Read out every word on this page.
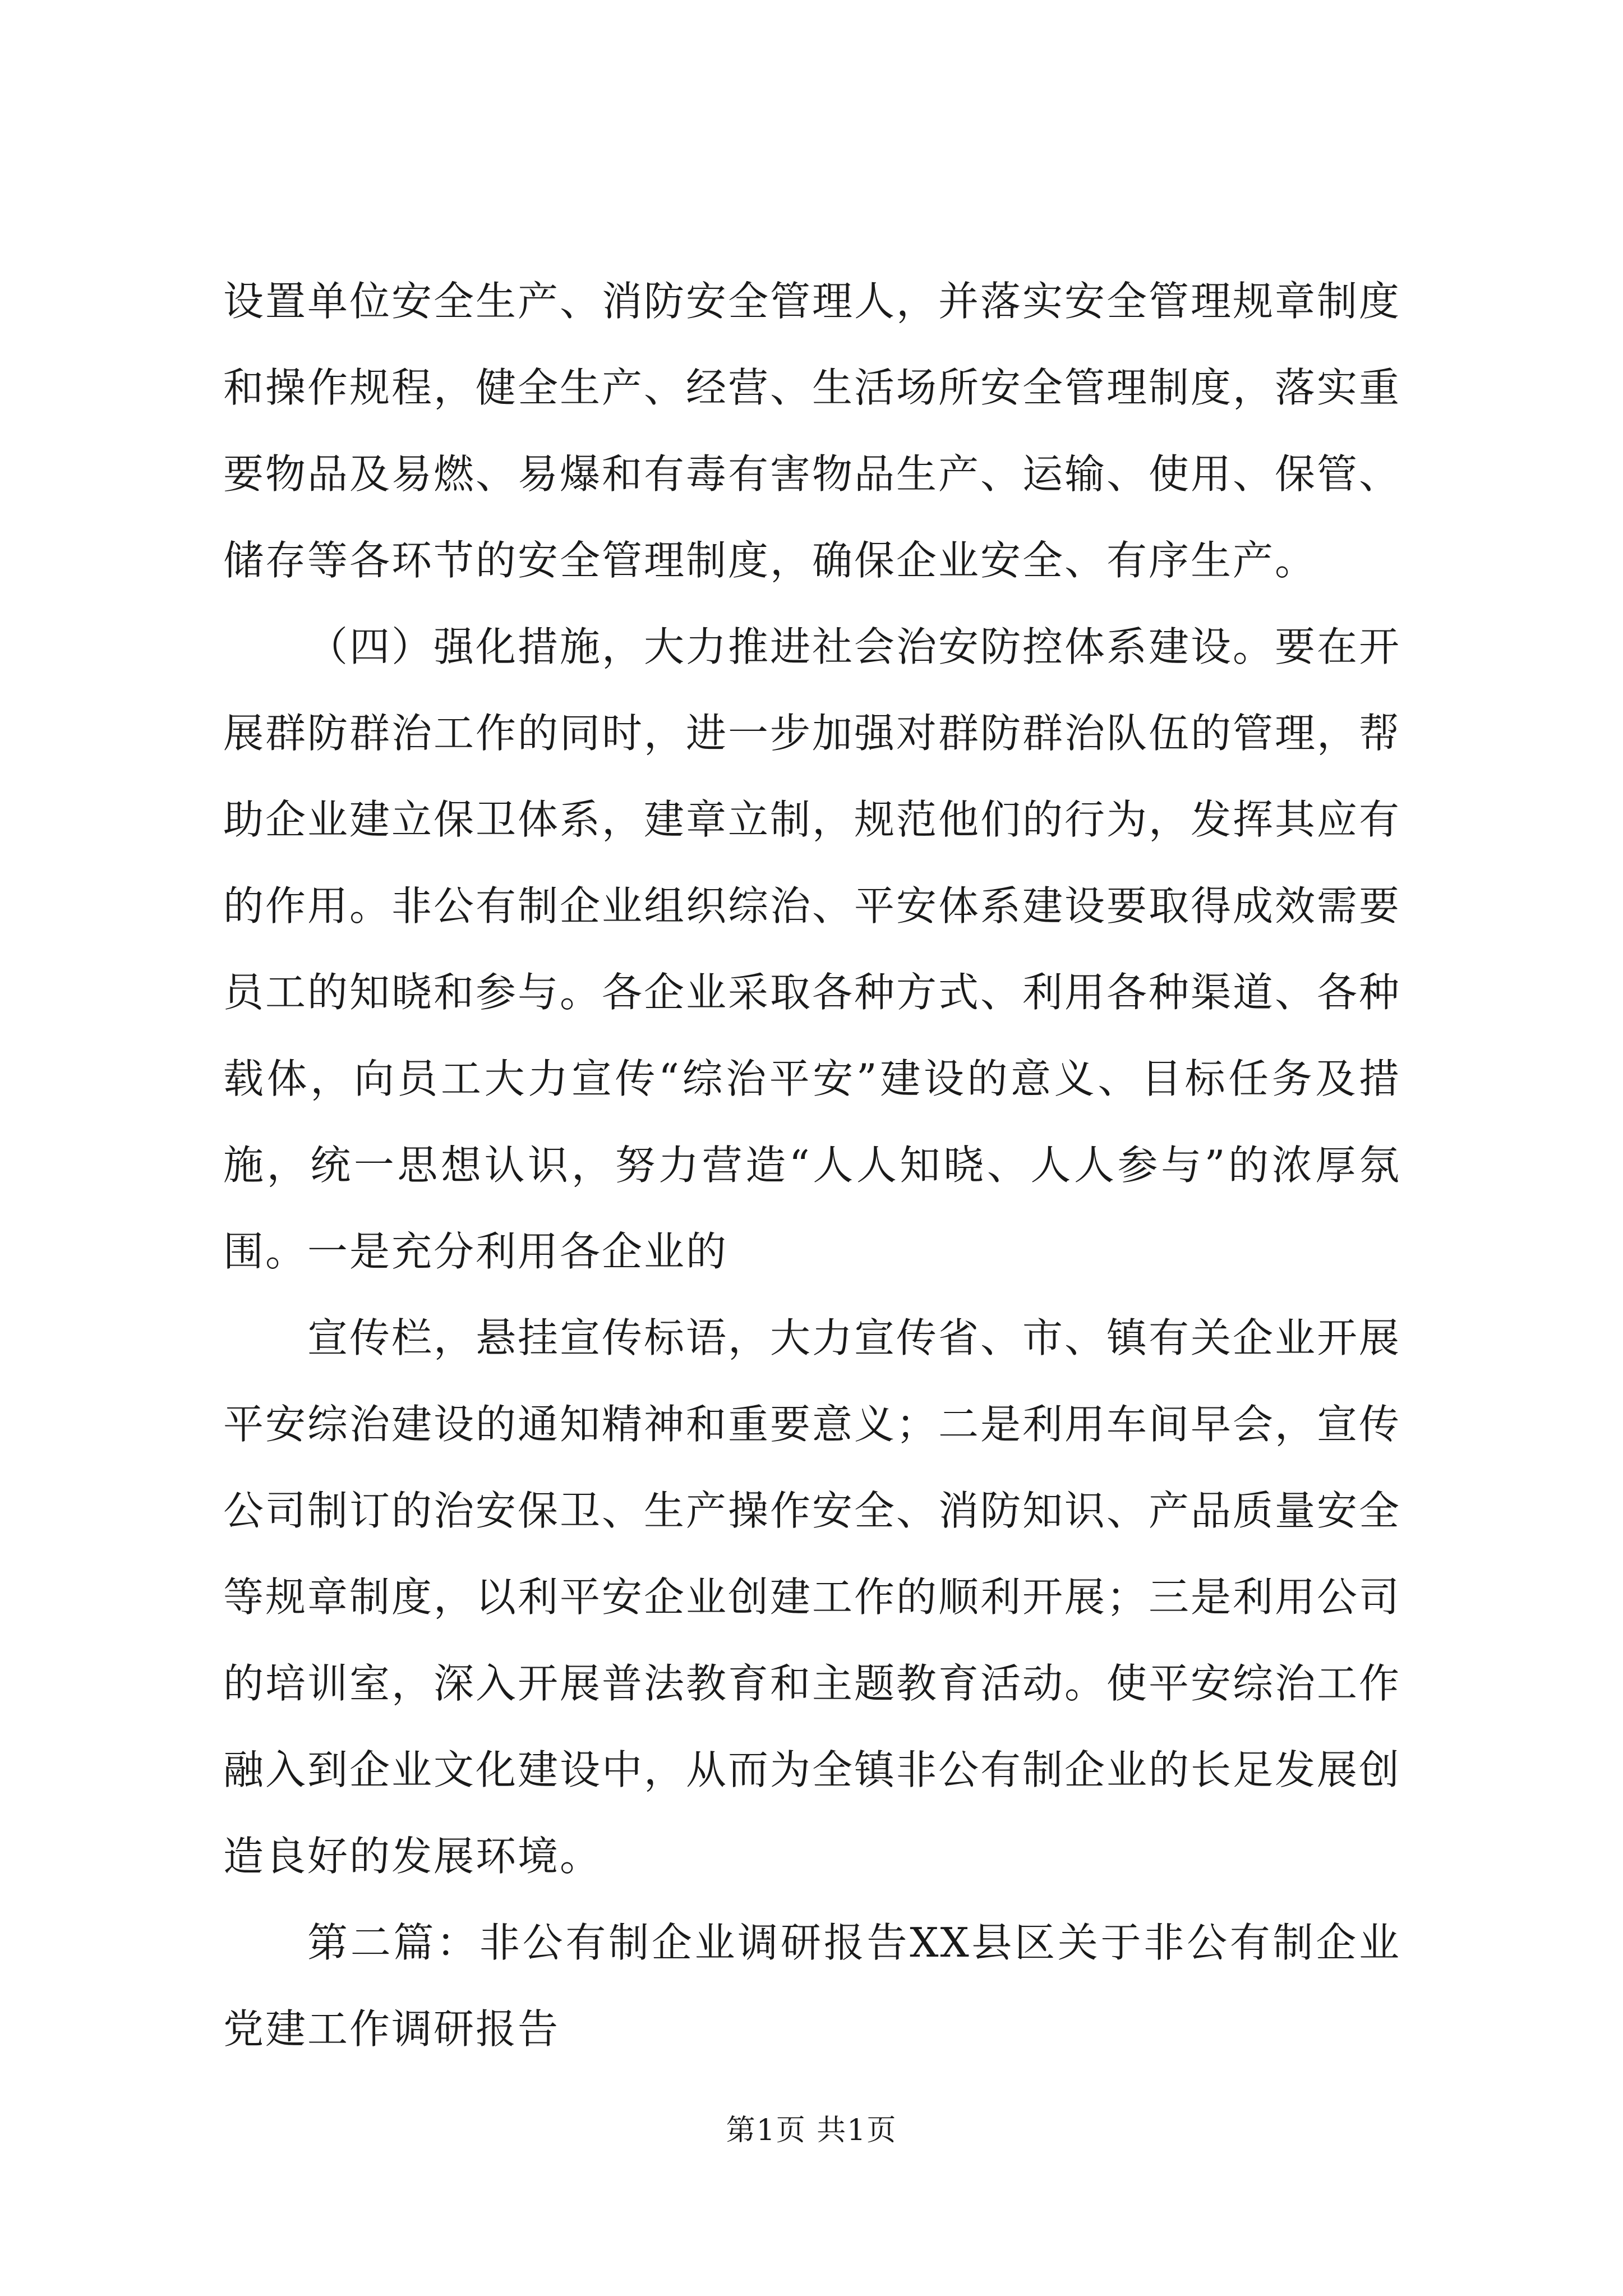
设置单位安全生产、消防安全管理人，并落实安全管理规章制度和操作规程，健全生产、经营、生活场所安全管理制度，落实重要物品及易燃、易爆和有毒有害物品生产、运输、使用、保管、储存等各环节的安全管理制度，确保企业安全、有序生产。

（四）强化措施，大力推进社会治安防控体系建设。要在开展群防群治工作的同时，进一步加强对群防群治队伍的管理，帮助企业建立保卫体系，建章立制，规范他们的行为，发挥其应有的作用。非公有制企业组织综治、平安体系建设要取得成效需要员工的知晓和参与。各企业采取各种方式、利用各种渠道、各种载体，向员工大力宣传“综治平安”建设的意义、目标任务及措施，统一思想认识，努力营造“人人知晓、人人参与”的浓厚氛围。一是充分利用各企业的

宣传栏，悬挂宣传标语，大力宣传省、市、镇有关企业开展平安综治建设的通知精神和重要意义；二是利用车间早会，宣传公司制订的治安保卫、生产操作安全、消防知识、产品质量安全等规章制度，以利平安企业创建工作的顺利开展；三是利用公司的培训室，深入开展普法教育和主题教育活动。使平安综治工作融入到企业文化建设中，从而为全镇非公有制企业的长足发展创造良好的发展环境。

第二篇：非公有制企业调研报告XX县区关于非公有制企业党建工作调研报告

第1页 共1页
